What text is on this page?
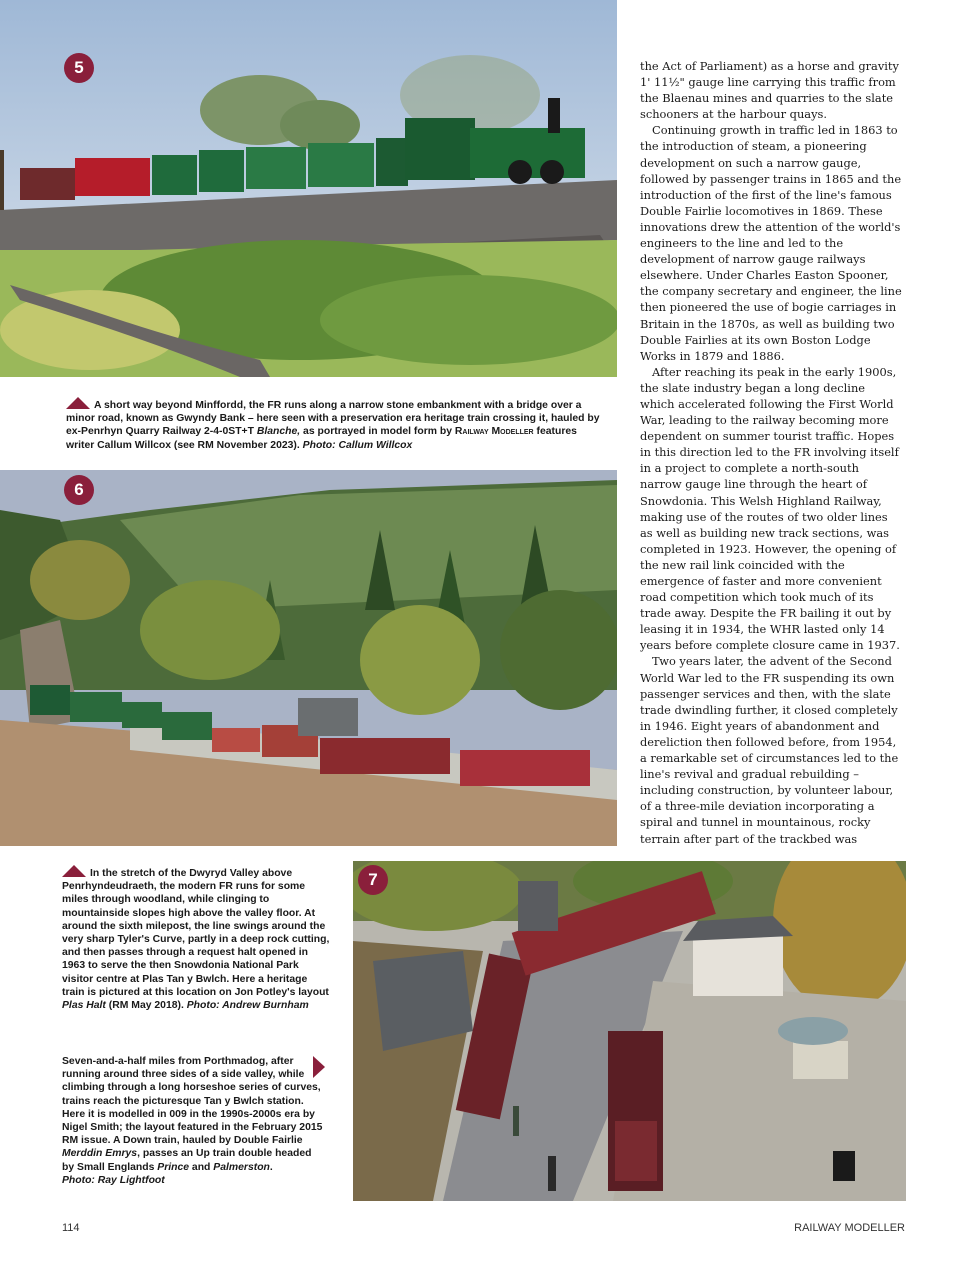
5
A short way beyond Minffordd, the FR runs along a narrow stone embankment with a bridge over a minor road, known as Gwyndy Bank – here seen with a preservation era heritage train crossing it, hauled by ex-Penrhyn Quarry Railway 2-4-0ST+T Blanche, as portrayed in model form by Railway Modeller features writer Callum Willcox (see RM November 2023). Photo: Callum Willcox
6
In the stretch of the Dwyryd Valley above Penrhyndeudraeth, the modern FR runs for some miles through woodland, while clinging to mountainside slopes high above the valley floor. At around the sixth milepost, the line swings around the very sharp Tyler's Curve, partly in a deep rock cutting, and then passes through a request halt opened in 1963 to serve the then Snowdonia National Park visitor centre at Plas Tan y Bwlch. Here a heritage train is pictured at this location on Jon Potley's layout Plas Halt (RM May 2018). Photo: Andrew Burnham
Seven-and-a-half miles from Porthmadog, after running around three sides of a side valley, while climbing through a long horseshoe series of curves, trains reach the picturesque Tan y Bwlch station. Here it is modelled in 009 in the 1990s-2000s era by Nigel Smith; the layout featured in the February 2015 RM issue. A Down train, hauled by Double Fairlie Merddin Emrys, passes an Up train double headed by Small Englands Prince and Palmerston.
Photo: Ray Lightfoot
7

the Act of Parliament) as a horse and gravity 1' 11½" gauge line carrying this traffic from the Blaenau mines and quarries to the slate schooners at the harbour quays.

Continuing growth in traffic led in 1863 to the introduction of steam, a pioneering development on such a narrow gauge, followed by passenger trains in 1865 and the introduction of the first of the line's famous Double Fairlie locomotives in 1869. These innovations drew the attention of the world's engineers to the line and led to the development of narrow gauge railways elsewhere. Under Charles Easton Spooner, the company secretary and engineer, the line then pioneered the use of bogie carriages in Britain in the 1870s, as well as building two Double Fairlies at its own Boston Lodge Works in 1879 and 1886.

After reaching its peak in the early 1900s, the slate industry began a long decline which accelerated following the First World War, leading to the railway becoming more dependent on summer tourist traffic. Hopes in this direction led to the FR involving itself in a project to complete a north-south narrow gauge line through the heart of Snowdonia. This Welsh Highland Railway, making use of the routes of two older lines as well as building new track sections, was completed in 1923. However, the opening of the new rail link coincided with the emergence of faster and more convenient road competition which took much of its trade away. Despite the FR bailing it out by leasing it in 1934, the WHR lasted only 14 years before complete closure came in 1937.

Two years later, the advent of the Second World War led to the FR suspending its own passenger services and then, with the slate trade dwindling further, it closed completely in 1946. Eight years of abandonment and dereliction then followed before, from 1954, a remarkable set of circumstances led to the line's revival and gradual rebuilding – including construction, by volunteer labour, of a three-mile deviation incorporating a spiral and tunnel in mountainous, rocky terrain after part of the trackbed was

114	RAILWAY MODELLER
